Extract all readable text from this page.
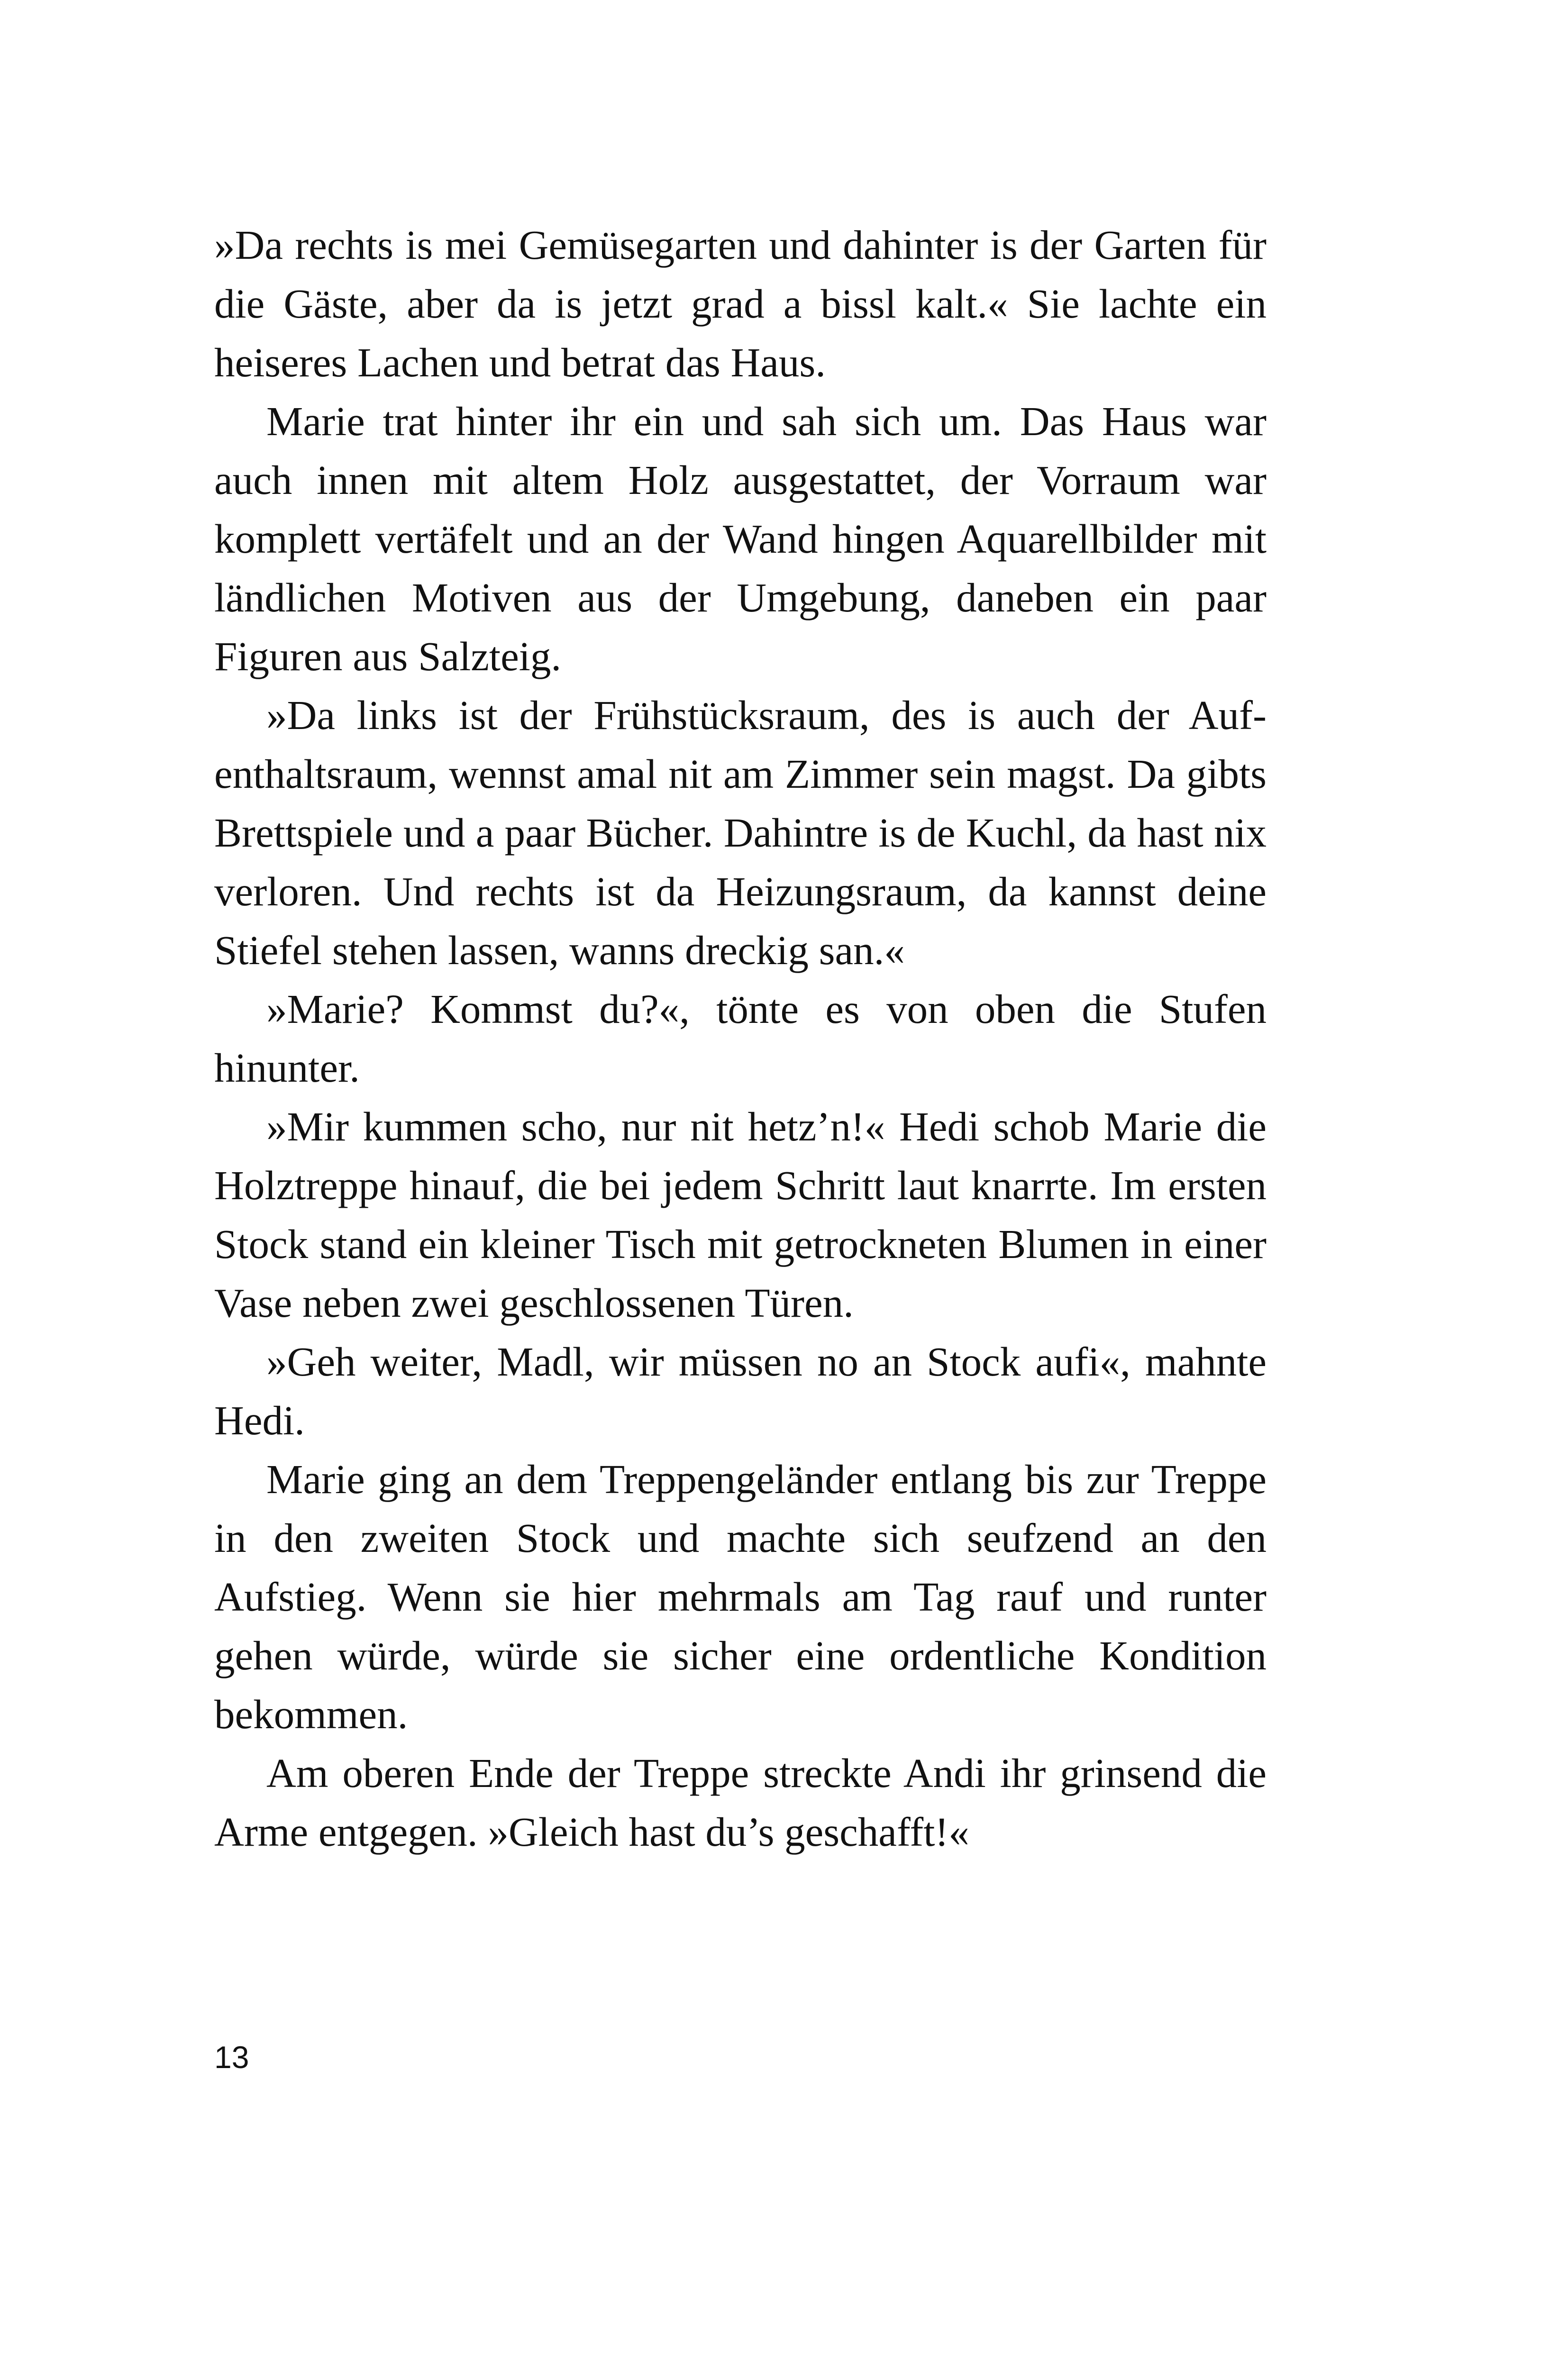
»Da rechts is mei Gemüsegarten und dahinter is der Garten für die Gäste, aber da is jetzt grad a bissl kalt.« Sie lachte ein heiseres Lachen und betrat das Haus.

Marie trat hinter ihr ein und sah sich um. Das Haus war auch innen mit altem Holz ausgestattet, der Vorraum war komplett vertäfelt und an der Wand hingen Aquarellbilder mit ländlichen Motiven aus der Umgebung, daneben ein paar Figuren aus Salzteig.

»Da links ist der Frühstücksraum, des is auch der Aufenthaltsraum, wennst amal nit am Zimmer sein magst. Da gibts Brettspiele und a paar Bücher. Dahintre is de Kuchl, da hast nix verloren. Und rechts ist da Heizungsraum, da kannst deine Stiefel stehen lassen, wanns dreckig san.«

»Marie? Kommst du?«, tönte es von oben die Stufen hinunter.

»Mir kummen scho, nur nit hetz’n!« Hedi schob Marie die Holztreppe hinauf, die bei jedem Schritt laut knarrte. Im ersten Stock stand ein kleiner Tisch mit getrockneten Blumen in einer Vase neben zwei geschlossenen Türen.

»Geh weiter, Madl, wir müssen no an Stock aufi«, mahnte Hedi.

Marie ging an dem Treppengeländer entlang bis zur Treppe in den zweiten Stock und machte sich seufzend an den Aufstieg. Wenn sie hier mehrmals am Tag rauf und runter gehen würde, würde sie sicher eine ordentliche Kondition bekommen.

Am oberen Ende der Treppe streckte Andi ihr grinsend die Arme entgegen. »Gleich hast du’s geschafft!«

13
